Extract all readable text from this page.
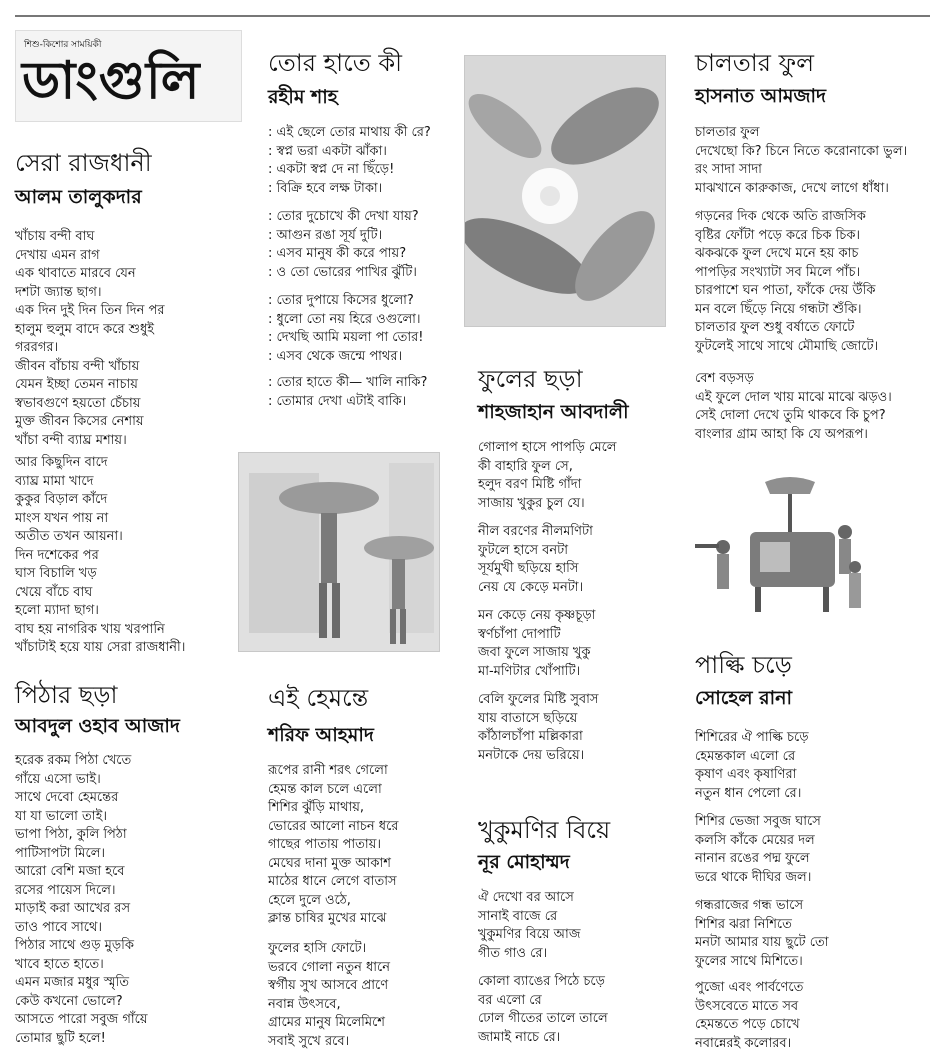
শিশু-কিশোর সাময়িকী
ডাংগুলি
সেরা রাজধানী
আলম তালুকদার
খাঁচায় বন্দী বাঘ
দেখায় এমন রাগ
এক থাবাতে মারবে যেন
দশটা জ্যান্ত ছাগ।
এক দিন দুই দিন তিন দিন পর
হালুম হুলুম বাদে করে শুধুই
গররগর।
জীবন বাঁচায় বন্দী খাঁচায়
যেমন ইচ্ছা তেমন নাচায়
স্বভাবগুণে হয়তো চেঁচায়
মুক্ত জীবন কিসের নেশায়
খাঁচা বন্দী ব্যাঘ্র মশায়।
আর কিছুদিন বাদে
ব্যাঘ্র মামা খাদে
কুকুর বিড়াল কাঁদে
মাংস যখন পায় না
অতীত তখন আয়না।
দিন দশেকের পর
ঘাস বিচালি খড়
খেয়ে বাঁচে বাঘ
হলো ম্যাদা ছাগ।
বাঘ হয় নাগরিক খায় খরপানি
খাঁচাটাই হয়ে যায় সেরা রাজধানী।
পিঠার ছড়া
আবদুল ওহাব আজাদ
হরেক রকম পিঠা খেতে
গাঁয়ে এসো ভাই।
সাথে দেবো হেমন্তের
যা যা ভালো তাই।
ভাপা পিঠা, কুলি পিঠা
পাটিসাপটা মিলে।
আরো বেশি মজা হবে
রসের পায়েস দিলে।
মাড়াই করা আখের রস
তাও পাবে সাথে।
পিঠার সাথে গুড় মুড়কি
খাবে হাতে হাতে।
এমন মজার মধুর স্মৃতি
কেউ কখনো ভোলে?
আসতে পারো সবুজ গাঁয়ে
তোমার ছুটি হলে!
তোর হাতে কী
রহীম শাহ
: এই ছেলে তোর মাথায় কী রে?
: স্বপ্ন ভরা একটা ঝাঁকা।
: একটা স্বপ্ন দে না ছিঁড়ে!
: বিক্রি হবে লক্ষ টাকা।
: তোর দুচোখে কী দেখা যায়?
: আগুন রঙা সূর্য দুটি।
: এসব মানুষ কী করে পায়?
: ও তো ভোরের পাখির ঝুঁটি।
: তোর দুপায়ে কিসের ধুলো?
: ধুলো তো নয় হিরে ওগুলো।
: দেখছি আমি ময়লা পা তোর!
: এসব থেকে জন্মে পাথর।
: তোর হাতে কী— খালি নাকি?
: তোমার দেখা এটাই বাকি।
এই হেমন্তে
শরিফ আহমাদ
রূপের রানী শরৎ গেলো
হেমন্ত কাল চলে এলো
শিশির ঝুঁড়ি মাথায়,
ভোরের আলো নাচন ধরে
গাছের পাতায় পাতায়।
মেঘের দানা মুক্ত আকাশ
মাঠের ধানে লেগে বাতাস
হেলে দুলে ওঠে,
ক্লান্ত চাষির মুখের মাঝে
ফুলের হাসি ফোটে।
ভরবে গোলা নতুন ধানে
স্বর্গীয় সুখ আসবে প্রাণে
নবান্ন উৎসবে,
গ্রামের মানুষ মিলেমিশে
সবাই সুখে রবে।
ফুলের ছড়া
শাহজাহান আবদালী
গোলাপ হাসে পাপড়ি মেলে
কী বাহারি ফুল সে,
হলুদ বরণ মিষ্টি গাঁদা
সাজায় খুকুর চুল যে।
নীল বরণের নীলমণিটা
ফুটলে হাসে বনটা
সূর্যমুখী ছড়িয়ে হাসি
নেয় যে কেড়ে মনটা।
মন কেড়ে নেয় কৃষ্ণচূড়া
স্বর্ণচাঁপা দোপাটি
জবা ফুলে সাজায় খুকু
মা-মণিটার খোঁপাটি।
বেলি ফুলের মিষ্টি সুবাস
যায় বাতাসে ছড়িয়ে
কাঁঠালচাঁপা মল্লিকারা
মনটাকে দেয় ভরিয়ে।
খুকুমণির বিয়ে
নূর মোহাম্মদ
ঐ দেখো বর আসে
সানাই বাজে রে
খুকুমণির বিয়ে আজ
গীত গাও রে।
কোলা ব্যাঙের পিঠে চড়ে
বর এলো রে
ঢোল গীতের তালে তালে
জামাই নাচে রে।
চালতার ফুল
হাসনাত আমজাদ
চালতার ফুল
দেখেছো কি? চিনে নিতে করোনাকো ভুল।
রং সাদা সাদা
মাঝখানে কারুকাজ, দেখে লাগে ধাঁধা।
গড়নের দিক থেকে অতি রাজসিক
বৃষ্টির ফোঁটা পড়ে করে চিক চিক।
ঝকঝকে ফুল দেখে মনে হয় কাচ
পাপড়ির সংখ্যাটা সব মিলে পাঁচ।
চারপাশে ঘন পাতা, ফাঁকে দেয় উঁকি
মন বলে ছিঁড়ে নিয়ে গন্ধটা শুঁকি।
চালতার ফুল শুধু বর্ষাতে ফোটে
ফুটলেই সাথে সাথে মৌমাছি জোটে।
বেশ বড়সড়
এই ফুলে দোল খায় মাঝে মাঝে ঝড়ও।
সেই দোলা দেখে তুমি থাকবে কি চুপ?
বাংলার গ্রাম আহা কি যে অপরূপ।
পাল্কি চড়ে
সোহেল রানা
শিশিরের ঐ পাল্কি চড়ে
হেমন্তকাল এলো রে
কৃষাণ এবং কৃষাণিরা
নতুন ধান পেলো রে।
শিশির ভেজা সবুজ ঘাসে
কলসি কাঁকে মেয়ের দল
নানান রঙের পদ্ম ফুলে
ভরে থাকে দীঘির জল।
গন্ধরাজের গন্ধ ভাসে
শিশির ঝরা নিশিতে
মনটা আমার যায় ছুটে তো
ফুলের সাথে মিশিতে।
পুজো এবং পার্বণেতে
উৎসবেতে মাতে সব
হেমন্ততে পড়ে চোখে
নবান্নেরই কলোরব।
